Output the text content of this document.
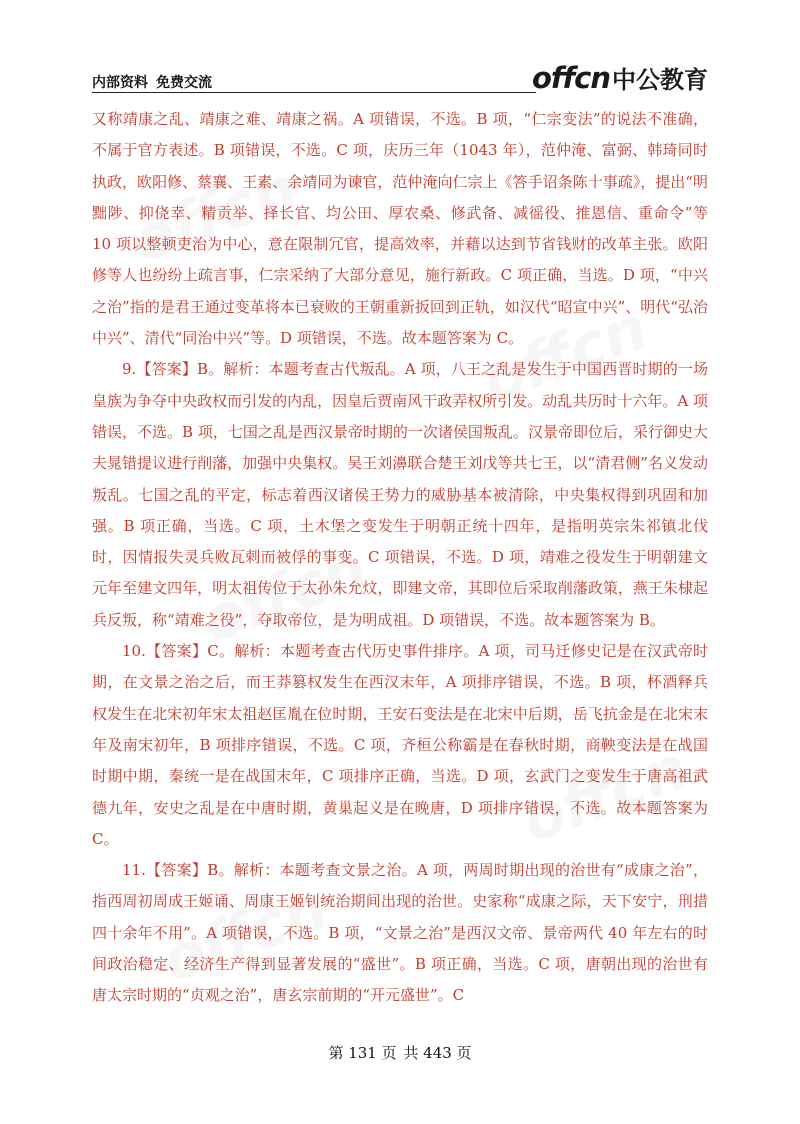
内部资料 免费交流	offcn 中公教育

又称靖康之乱、靖康之难、靖康之祸。A 项错误，不选。B 项，“仁宗变法”的说法不准确，不属于官方表述。B 项错误，不选。C 项，庆历三年（1043 年），范仲淹、富弼、韩琦同时执政，欧阳修、蔡襄、王素、余靖同为谏官，范仲淹向仁宗上《答手诏条陈十事疏》，提出“明黜陟、抑侥幸、精贡举、择长官、均公田、厚农桑、修武备、减徭役、推恩信、重命令”等 10 项以整顿吏治为中心，意在限制冗官，提高效率，并藉以达到节省钱财的改革主张。欧阳修等人也纷纷上疏言事，仁宗采纳了大部分意见，施行新政。C 项正确，当选。D 项，“中兴之治”指的是君王通过变革将本已衰败的王朝重新扳回到正轨，如汉代“昭宣中兴”、明代“弘治中兴”、清代“同治中兴”等。D 项错误，不选。故本题答案为 C。

9.【答案】B。解析：本题考查古代叛乱。A 项，八王之乱是发生于中国西晋时期的一场皇族为争夺中央政权而引发的内乱，因皇后贾南风干政弄权所引发。动乱共历时十六年。A 项错误，不选。B 项，七国之乱是西汉景帝时期的一次诸侯国叛乱。汉景帝即位后，采行御史大夫晁错提议进行削藩，加强中央集权。吴王刘濞联合楚王刘戊等共七王，以“清君侧”名义发动叛乱。七国之乱的平定，标志着西汉诸侯王势力的威胁基本被清除，中央集权得到巩固和加强。B 项正确，当选。C 项，土木堡之变发生于明朝正统十四年，是指明英宗朱祁镇北伐时，因情报失灵兵败瓦剌而被俘的事变。C 项错误，不选。D 项，靖难之役发生于明朝建文元年至建文四年，明太祖传位于太孙朱允炆，即建文帝，其即位后采取削藩政策，燕王朱棣起兵反叛，称“靖难之役”，夺取帝位，是为明成祖。D 项错误，不选。故本题答案为 B。

10.【答案】C。解析：本题考查古代历史事件排序。A 项，司马迁修史记是在汉武帝时期，在文景之治之后，而王莽篡权发生在西汉末年，A 项排序错误，不选。B 项，杯酒释兵权发生在北宋初年宋太祖赵匡胤在位时期，王安石变法是在北宋中后期，岳飞抗金是在北宋末年及南宋初年，B 项排序错误，不选。C 项，齐桓公称霸是在春秋时期，商鞅变法是在战国时期中期，秦统一是在战国末年，C 项排序正确，当选。D 项，玄武门之变发生于唐高祖武德九年，安史之乱是在中唐时期，黄巢起义是在晚唐，D 项排序错误，不选。故本题答案为 C。

11.【答案】B。解析：本题考查文景之治。A 项，两周时期出现的治世有“成康之治”，指西周初周成王姬诵、周康王姬钊统治期间出现的治世。史家称“成康之际，天下安宁，刑措四十余年不用”。A 项错误，不选。B 项，“文景之治”是西汉文帝、景帝两代 40 年左右的时间政治稳定、经济生产得到显著发展的“盛世”。B 项正确，当选。C 项，唐朝出现的治世有唐太宗时期的“贞观之治”，唐玄宗前期的“开元盛世”。C

第 131 页 共 443 页
